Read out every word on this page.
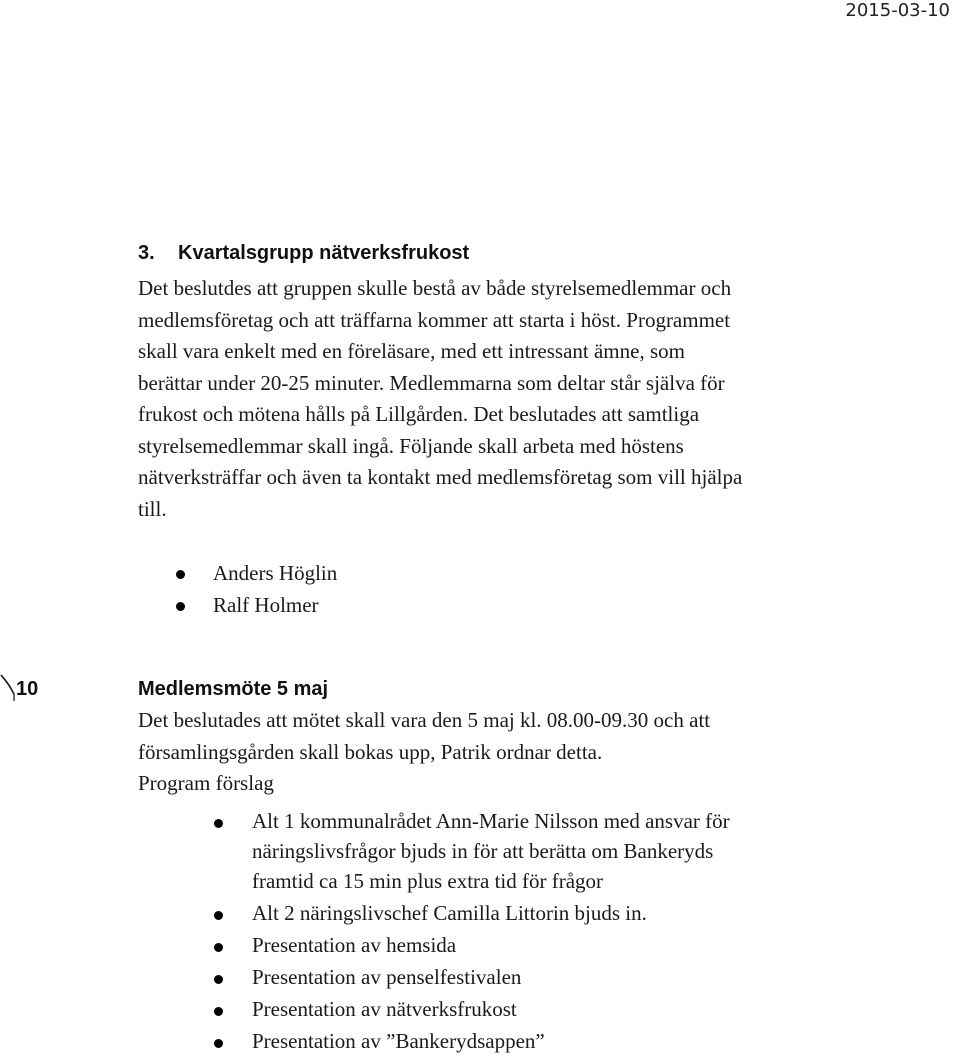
2015-03-10
3. Kvartalsgrupp nätverksfrukost
Det beslutdes att gruppen skulle bestå av både styrelsemedlemmar och
medlemsföretag och att träffarna kommer att starta i höst. Programmet
skall vara enkelt med en föreläsare, med ett intressant ämne, som
berättar under 20-25 minuter. Medlemmarna som deltar står själva för
frukost och mötena hålls på Lillgården. Det beslutades att samtliga
styrelsemedlemmar skall ingå. Följande skall arbeta med höstens
nätverksträffar och även ta kontakt med medlemsföretag som vill hjälpa
till.
Anders Höglin
Ralf Holmer
10	Medlemsmöte 5 maj
Det beslutades att mötet skall vara den 5 maj kl. 08.00-09.30 och att
församlingsgården skall bokas upp, Patrik ordnar detta.
Program förslag
Alt 1 kommunalrådet Ann-Marie Nilsson med ansvar för
näringslivsfrågor bjuds in för att berätta om Bankeryds
framtid ca 15 min plus extra tid för frågor
Alt 2 näringslivschef Camilla Littorin bjuds in.
Presentation av hemsida
Presentation av penselfestivalen
Presentation av nätverksfrukost
Presentation av ”Bankerydsappen”
